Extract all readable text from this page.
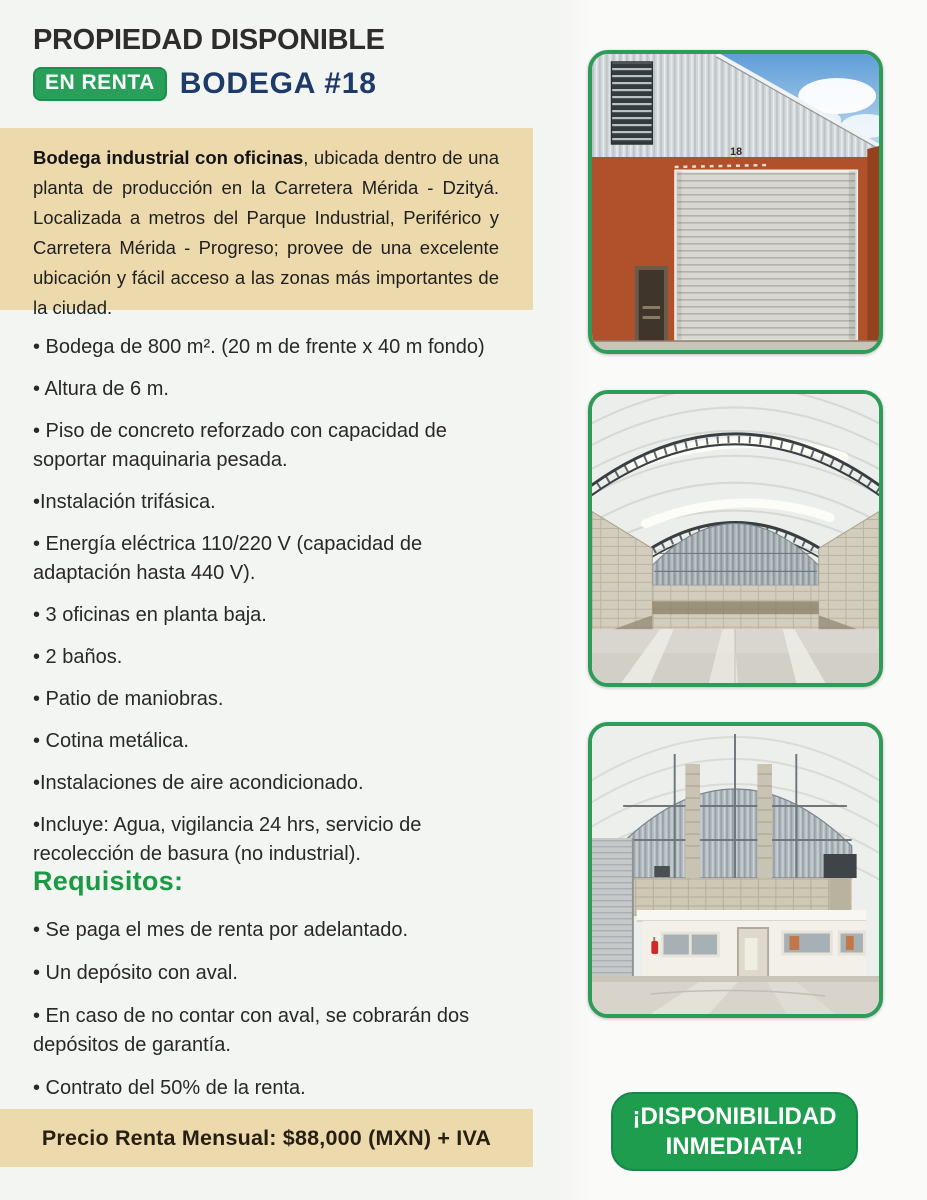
PROPIEDAD DISPONIBLE
EN RENTA BODEGA #18

Bodega industrial con oficinas, ubicada dentro de una planta de producción en la Carretera Mérida - Dzityá. Localizada a metros del Parque Industrial, Periférico y Carretera Mérida - Progreso; provee de una excelente ubicación y fácil acceso a las zonas más importantes de la ciudad.

• Bodega de 800 m². (20 m de frente x 40 m fondo)
• Altura de 6 m.
• Piso de concreto reforzado con capacidad de soportar maquinaria pesada.
•Instalación trifásica.
• Energía eléctrica 110/220 V (capacidad de adaptación hasta 440 V).
• 3 oficinas en planta baja.
• 2 baños.
• Patio de maniobras.
• Cotina metálica.
•Instalaciones de aire acondicionado.
•Incluye: Agua, vigilancia 24 hrs, servicio de recolección de basura (no industrial).
Requisitos:
• Se paga el mes de renta por adelantado.
• Un depósito con aval.
• En caso de no contar con aval, se cobrarán dos depósitos de garantía.
• Contrato del 50% de la renta.
Precio Renta Mensual: $88,000 (MXN) + IVA
18
¡DISPONIBILIDAD
INMEDIATA!
